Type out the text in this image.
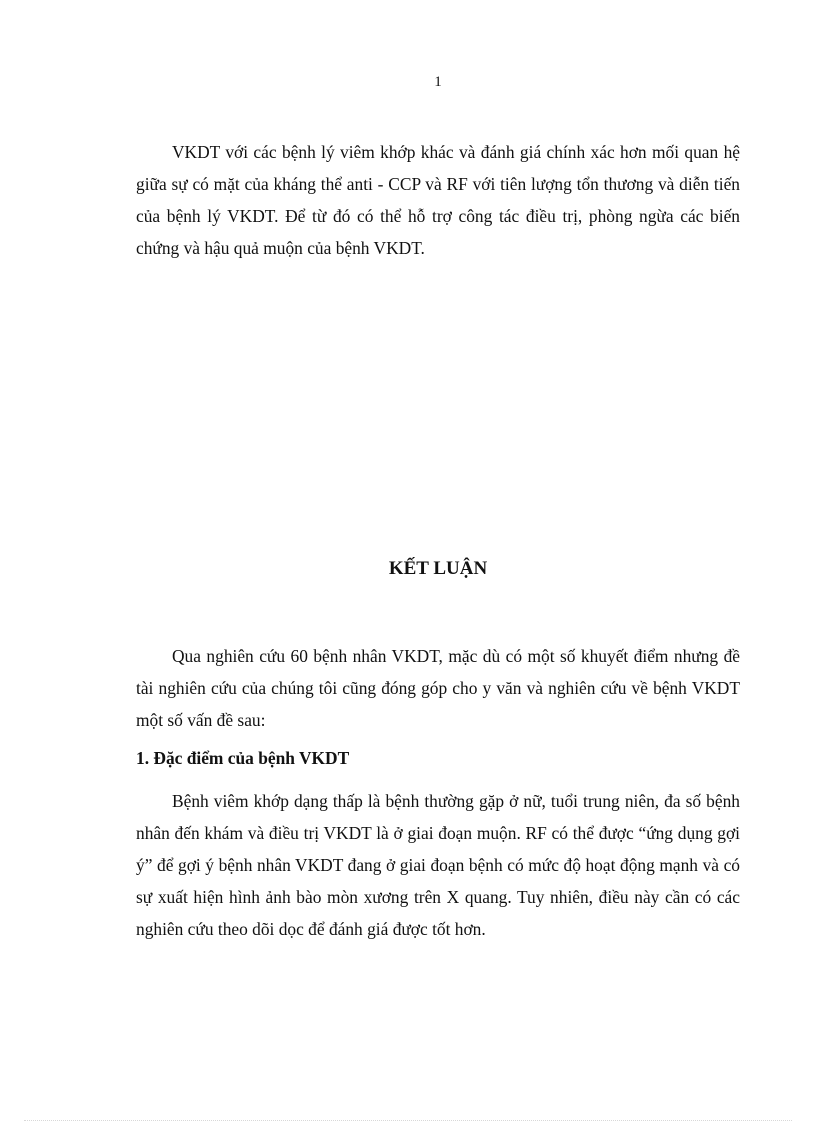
1

VKDT với các bệnh lý viêm khớp khác và đánh giá chính xác hơn mối quan hệ giữa sự có mặt của kháng thể anti - CCP và RF với tiên lượng tổn thương và diễn tiến của bệnh lý VKDT. Để từ đó có thể hỗ trợ công tác điều trị, phòng ngừa các biến chứng và hậu quả muộn của bệnh VKDT.

KẾT LUẬN

Qua nghiên cứu 60 bệnh nhân VKDT, mặc dù có một số khuyết điểm nhưng đề tài nghiên cứu của chúng tôi cũng đóng góp cho y văn và nghiên cứu về bệnh VKDT một số vấn đề sau:

1. Đặc điểm của bệnh VKDT

Bệnh viêm khớp dạng thấp là bệnh thường gặp ở nữ, tuổi trung niên, đa số bệnh nhân đến khám và điều trị VKDT là ở giai đoạn muộn. RF có thể được “ứng dụng gợi ý” để gợi ý bệnh nhân VKDT đang ở giai đoạn bệnh có mức độ hoạt động mạnh và có sự xuất hiện hình ảnh bào mòn xương trên X quang. Tuy nhiên, điều này cần có các nghiên cứu theo dõi dọc để đánh giá được tốt hơn.
